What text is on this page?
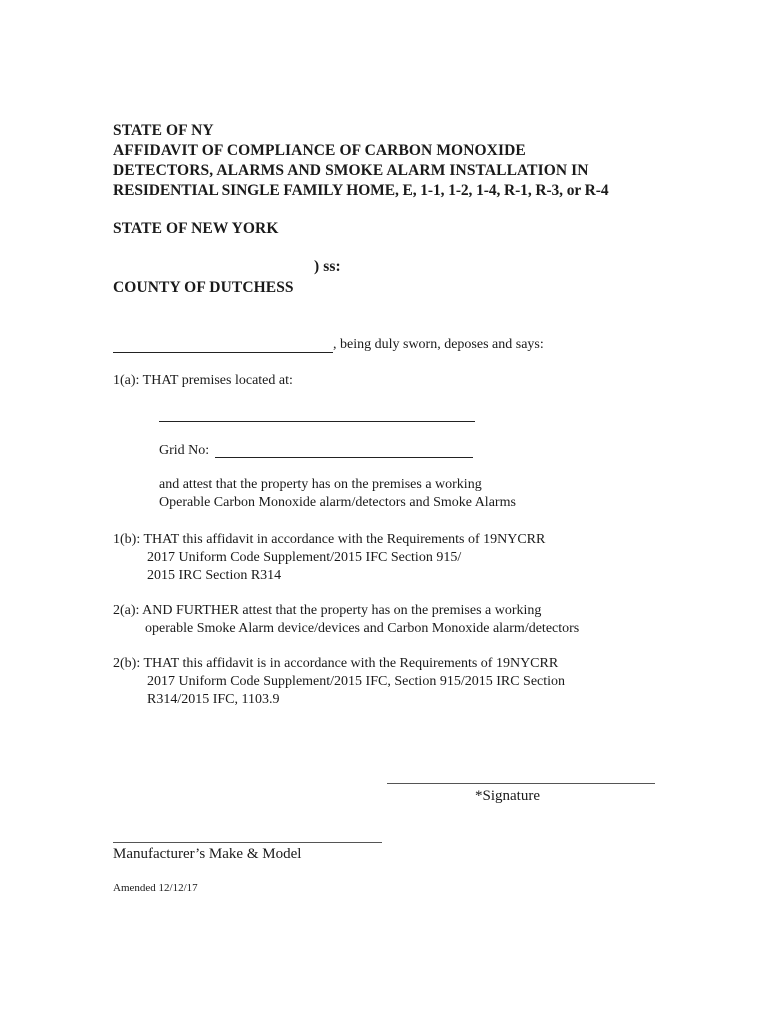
STATE OF NY
AFFIDAVIT OF COMPLIANCE OF CARBON MONOXIDE
DETECTORS, ALARMS AND SMOKE ALARM INSTALLATION IN
RESIDENTIAL SINGLE FAMILY HOME, E, 1-1, 1-2, 1-4, R-1, R-3, or R-4
STATE OF NEW YORK
) ss:
COUNTY OF DUTCHESS
, being duly sworn, deposes and says:
1(a): THAT premises located at:
Grid No:
and attest that the property has on the premises a working
Operable Carbon Monoxide alarm/detectors and Smoke Alarms
1(b): THAT this affidavit in accordance with the Requirements of 19NYCRR
2017 Uniform Code Supplement/2015 IFC Section 915/
2015 IRC Section R314
2(a): AND FURTHER attest that the property has on the premises a working
operable Smoke Alarm device/devices and Carbon Monoxide alarm/detectors
2(b): THAT this affidavit is in accordance with the Requirements of 19NYCRR
2017 Uniform Code Supplement/2015 IFC, Section 915/2015 IRC Section
R314/2015 IFC, 1103.9
*Signature
Manufacturer’s Make & Model
Amended 12/12/17
